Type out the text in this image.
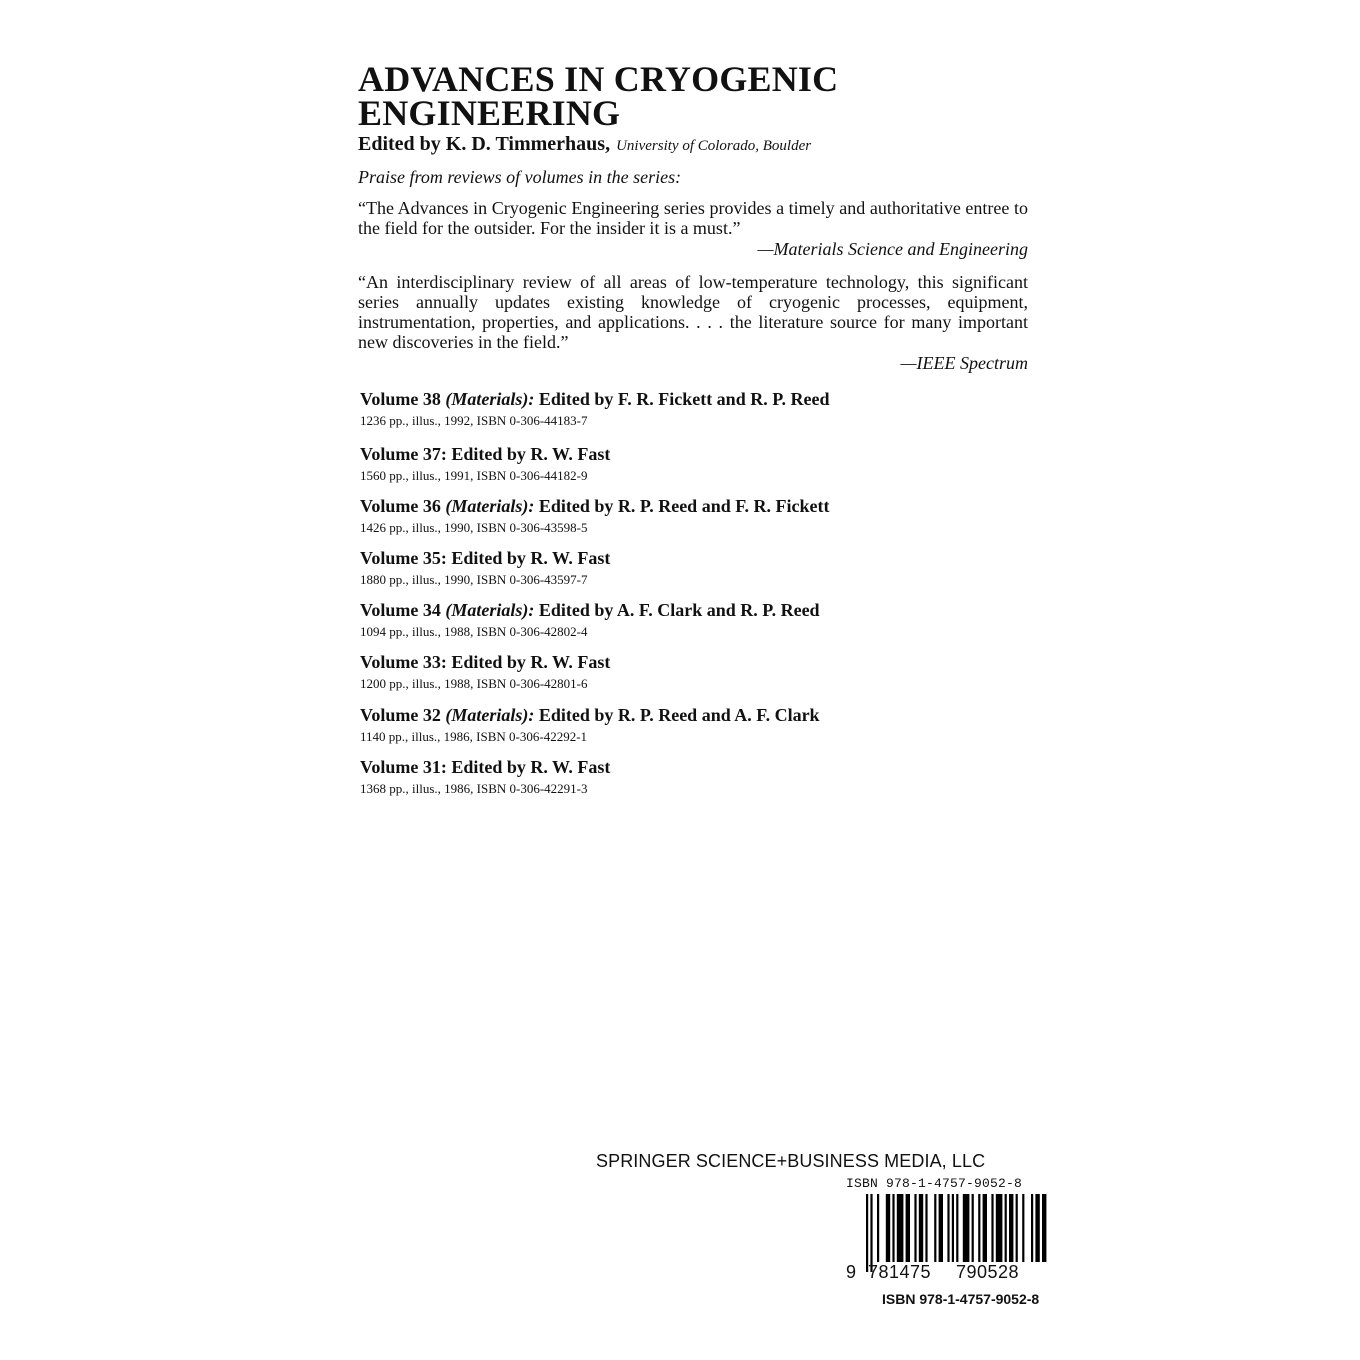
ADVANCES IN CRYOGENIC
ENGINEERING
Edited by K. D. Timmerhaus, University of Colorado, Boulder
Praise from reviews of volumes in the series:
“The Advances in Cryogenic Engineering series provides a timely and authoritative entree to the field for the outsider. For the insider it is a must.”
—Materials Science and Engineering
“An interdisciplinary review of all areas of low-temperature technology, this significant series annually updates existing knowledge of cryogenic processes, equipment, instrumentation, properties, and applications. . . . the literature source for many important new discoveries in the field.”
—IEEE Spectrum
Volume 38 (Materials): Edited by F. R. Fickett and R. P. Reed
1236 pp., illus., 1992, ISBN 0-306-44183-7
Volume 37: Edited by R. W. Fast
1560 pp., illus., 1991, ISBN 0-306-44182-9
Volume 36 (Materials): Edited by R. P. Reed and F. R. Fickett
1426 pp., illus., 1990, ISBN 0-306-43598-5
Volume 35: Edited by R. W. Fast
1880 pp., illus., 1990, ISBN 0-306-43597-7
Volume 34 (Materials): Edited by A. F. Clark and R. P. Reed
1094 pp., illus., 1988, ISBN 0-306-42802-4
Volume 33: Edited by R. W. Fast
1200 pp., illus., 1988, ISBN 0-306-42801-6
Volume 32 (Materials): Edited by R. P. Reed and A. F. Clark
1140 pp., illus., 1986, ISBN 0-306-42292-1
Volume 31: Edited by R. W. Fast
1368 pp., illus., 1986, ISBN 0-306-42291-3
SPRINGER SCIENCE+BUSINESS MEDIA, LLC
ISBN 978-1-4757-9052-8
9 781475 790528
ISBN 978-1-4757-9052-8
